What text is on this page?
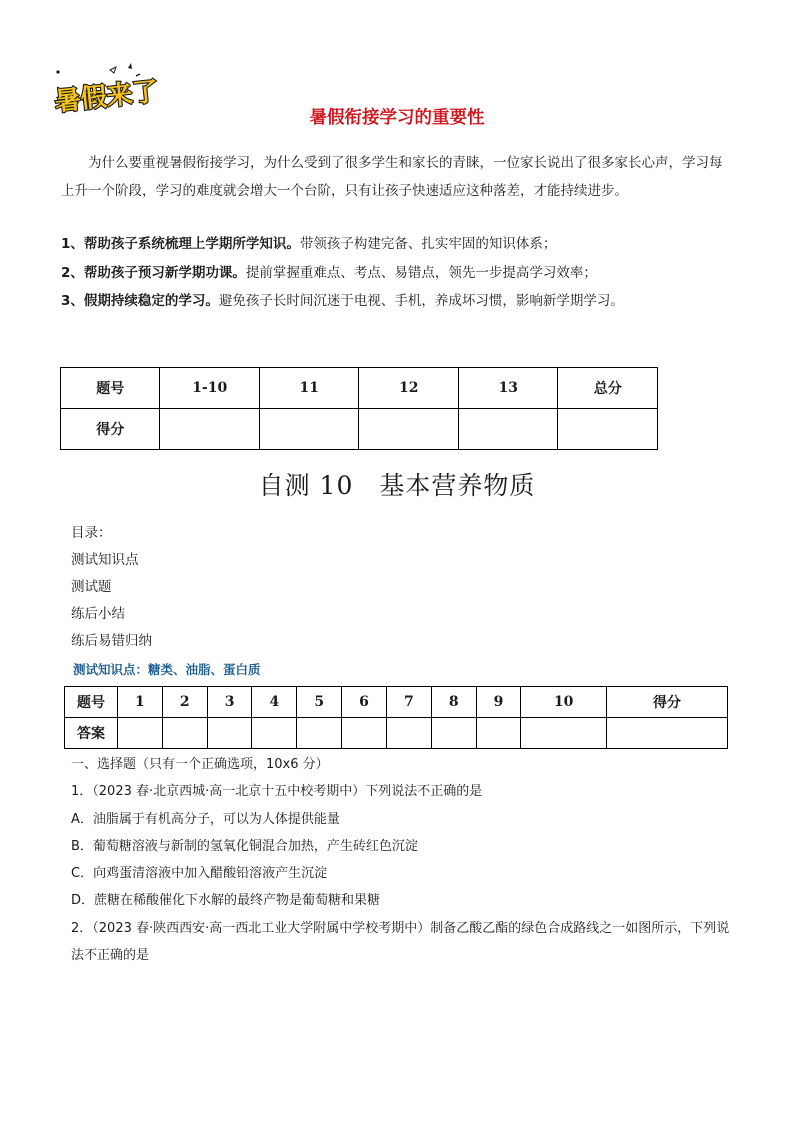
暑假来了
暑假衔接学习的重要性

为什么要重视暑假衔接学习，为什么受到了很多学生和家长的青睐，一位家长说出了很多家长心声，学习每上升一个阶段，学习的难度就会增大一个台阶，只有让孩子快速适应这种落差，才能持续进步。

1、帮助孩子系统梳理上学期所学知识。带领孩子构建完备、扎实牢固的知识体系；
2、帮助孩子预习新学期功课。提前掌握重难点、考点、易错点，领先一步提高学习效率；
3、假期持续稳定的学习。避免孩子长时间沉迷于电视、手机，养成坏习惯，影响新学期学习。
题号	1-10	11	12	13	总分
得分					
自测 10　基本营养物质
目录：
测试知识点
测试题
练后小结
练后易错归纳
测试知识点：糖类、油脂、蛋白质
题号	1	2	3	4	5	6	7	8	9	10	得分
答案											
一、选择题（只有一个正确选项，10x6 分）
1．（2023 春·北京西城·高一北京十五中校考期中）下列说法不正确的是
A．油脂属于有机高分子，可以为人体提供能量
B．葡萄糖溶液与新制的氢氧化铜混合加热，产生砖红色沉淀
C．向鸡蛋清溶液中加入醋酸铅溶液产生沉淀
D．蔗糖在稀酸催化下水解的最终产物是葡萄糖和果糖
2．（2023 春·陕西西安·高一西北工业大学附属中学校考期中）制备乙酸乙酯的绿色合成路线之一如图所示，下列说法不正确的是
